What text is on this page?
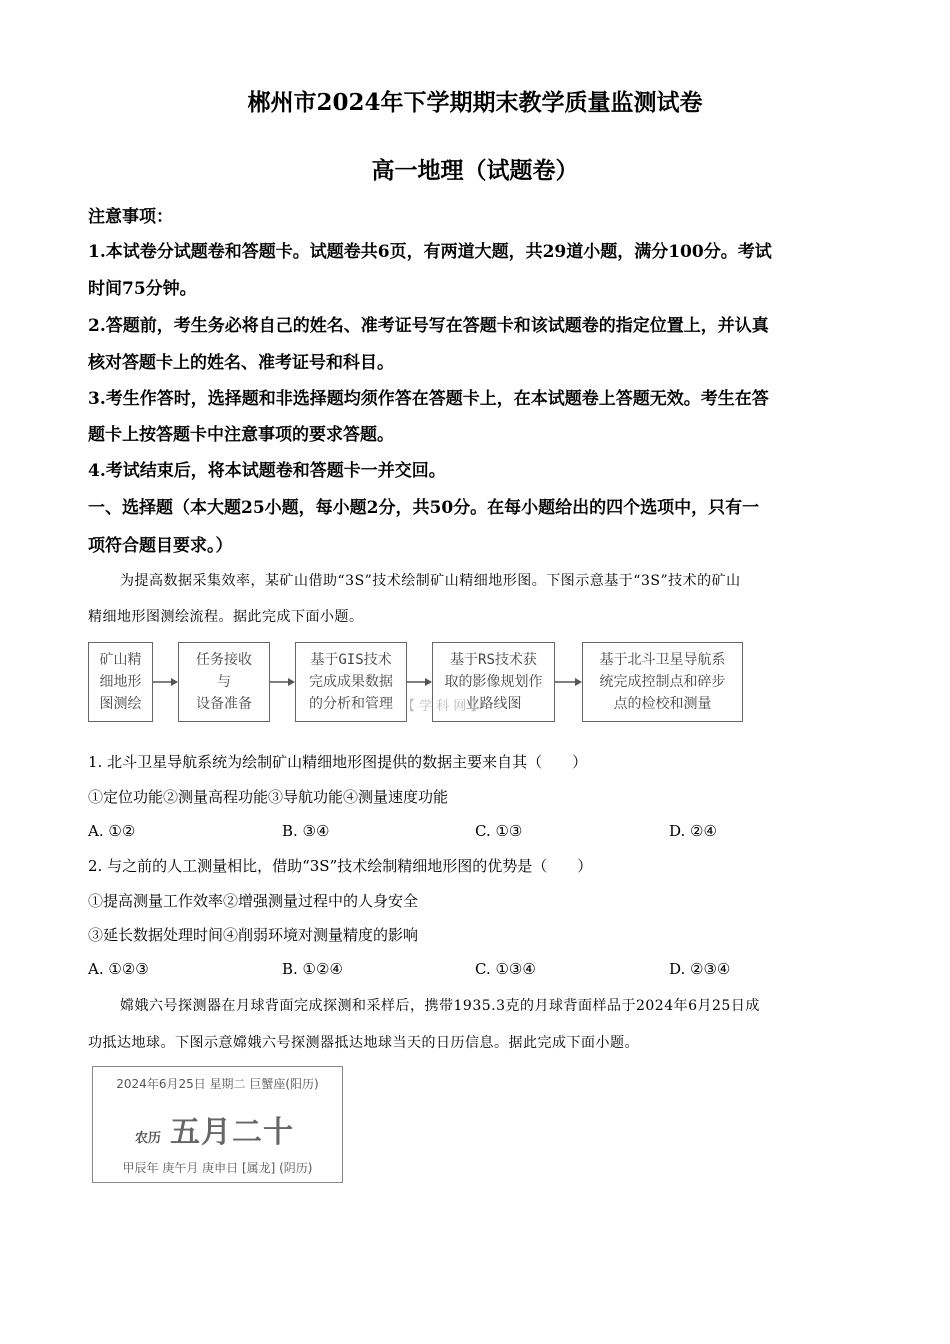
郴州市2024年下学期期末教学质量监测试卷
高一地理（试题卷）
注意事项：
1.本试卷分试题卷和答题卡。试题卷共6页，有两道大题，共29道小题，满分100分。考试
时间75分钟。
2.答题前，考生务必将自己的姓名、准考证号写在答题卡和该试题卷的指定位置上，并认真
核对答题卡上的姓名、准考证号和科目。
3.考生作答时，选择题和非选择题均须作答在答题卡上，在本试题卷上答题无效。考生在答
题卡上按答题卡中注意事项的要求答题。
4.考试结束后，将本试题卷和答题卡一并交回。
一、选择题（本大题25小题，每小题2分，共50分。在每小题给出的四个选项中，只有一
项符合题目要求。）
为提高数据采集效率，某矿山借助“3S”技术绘制矿山精细地形图。下图示意基于“3S”技术的矿山
精细地形图测绘流程。据此完成下面小题。
矿山精
细地形
图测绘
任务接收
与
设备准备
基于GIS技术
完成成果数据
的分析和管理
基于RS技术获
取的影像规划作
业路线图
基于北斗卫星导航系
统完成控制点和碎步
点的检校和测量
【 学 科 网 】
1. 北斗卫星导航系统为绘制矿山精细地形图提供的数据主要来自其（　　）
①定位功能②测量高程功能③导航功能④测量速度功能
A. ①②	B. ③④	C. ①③	D. ②④
2. 与之前的人工测量相比，借助“3S”技术绘制精细地形图的优势是（　　）
①提高测量工作效率②增强测量过程中的人身安全
③延长数据处理时间④削弱环境对测量精度的影响
A. ①②③	B. ①②④	C. ①③④	D. ②③④
嫦娥六号探测器在月球背面完成探测和采样后，携带1935.3克的月球背面样品于2024年6月25日成
功抵达地球。下图示意嫦娥六号探测器抵达地球当天的日历信息。据此完成下面小题。
2024年6月25日 星期二 巨蟹座(阳历)
农历 五月二十
甲辰年 庚午月 庚申日 [属龙] (阴历)
